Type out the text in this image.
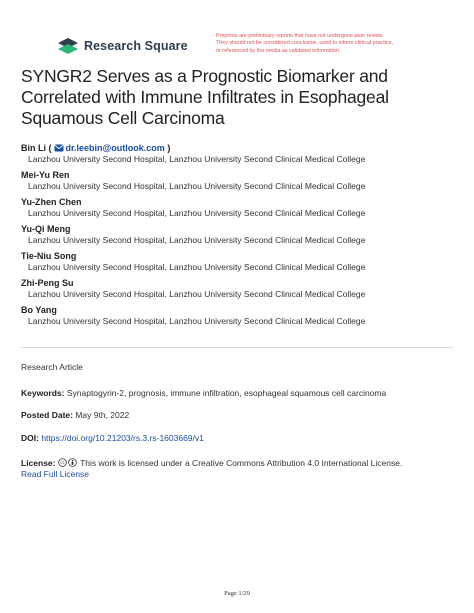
Research Square
Preprints are preliminary reports that have not undergone peer review.
They should not be considered conclusive, used to inform clinical practice,
or referenced by the media as validated information.
SYNGR2 Serves as a Prognostic Biomarker and
Correlated with Immune Infiltrates in Esophageal
Squamous Cell Carcinoma
Bin Li ( dr.leebin@outlook.com )
Lanzhou University Second Hospital, Lanzhou University Second Clinical Medical College
Mei-Yu Ren
Lanzhou University Second Hospital, Lanzhou University Second Clinical Medical College
Yu-Zhen Chen
Lanzhou University Second Hospital, Lanzhou University Second Clinical Medical College
Yu-Qi Meng
Lanzhou University Second Hospital, Lanzhou University Second Clinical Medical College
Tie-Niu Song
Lanzhou University Second Hospital, Lanzhou University Second Clinical Medical College
Zhi-Peng Su
Lanzhou University Second Hospital, Lanzhou University Second Clinical Medical College
Bo Yang
Lanzhou University Second Hospital, Lanzhou University Second Clinical Medical College
Research Article
Keywords: Synaptogyrin-2, prognosis, immune infiltration, esophageal squamous cell carcinoma
Posted Date: May 9th, 2022
DOI: https://doi.org/10.21203/rs.3.rs-1603669/v1
License: cc This work is licensed under a Creative Commons Attribution 4.0 International License.
Read Full License
Page 1/29
